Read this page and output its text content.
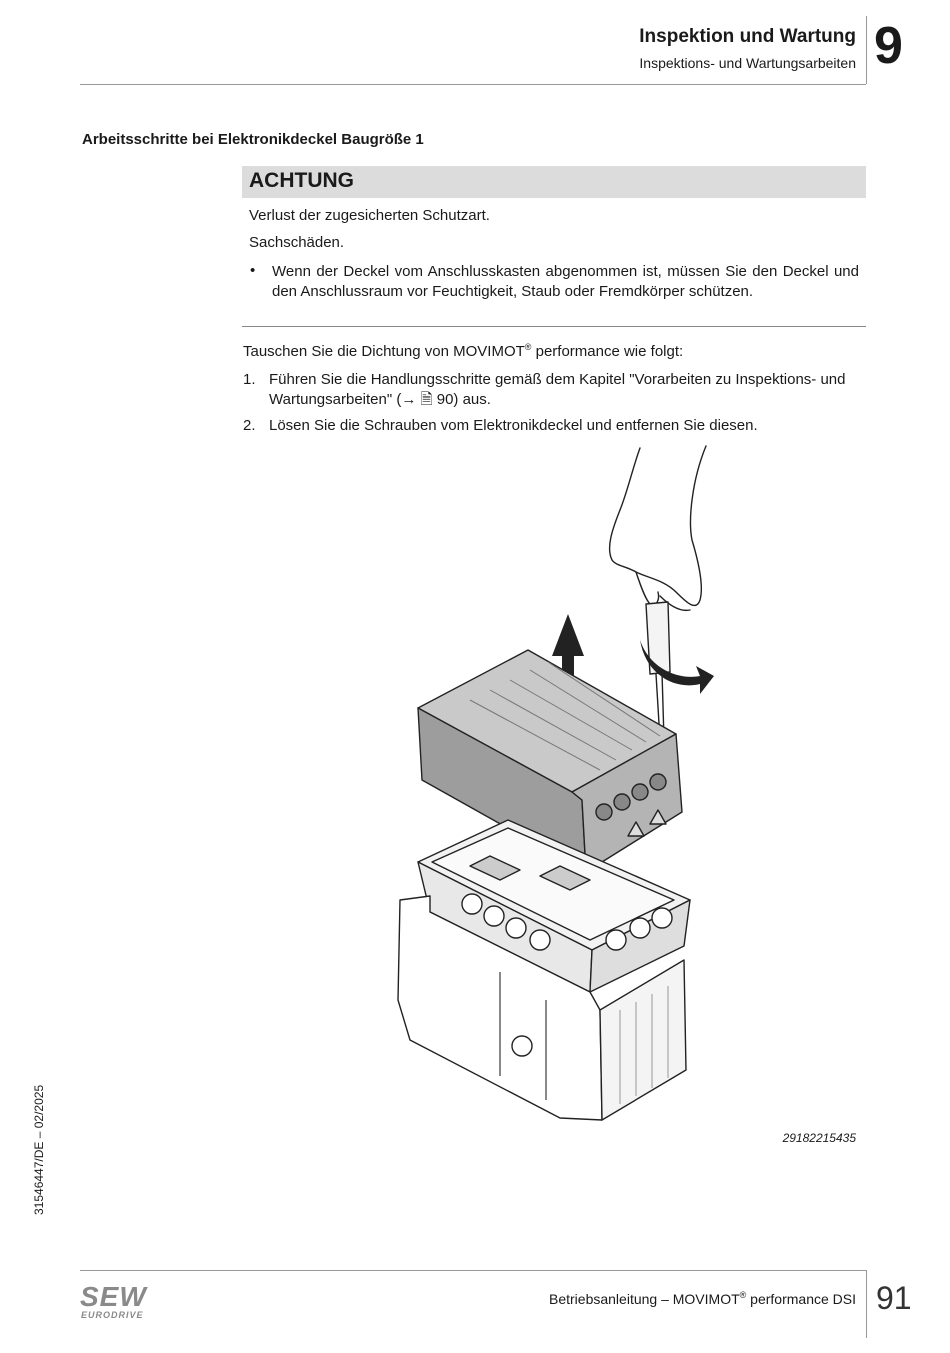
Inspektion und Wartung
Inspektions- und Wartungsarbeiten 9
Arbeitsschritte bei Elektronikdeckel Baugröße 1
ACHTUNG
Verlust der zugesicherten Schutzart.
Sachschäden.
• Wenn der Deckel vom Anschlusskasten abgenommen ist, müssen Sie den Deckel und den Anschlussraum vor Feuchtigkeit, Staub oder Fremdkörper schützen.
Tauschen Sie die Dichtung von MOVIMOT® performance wie folgt:
1. Führen Sie die Handlungsschritte gemäß dem Kapitel "Vorarbeiten zu Inspektions- und Wartungsarbeiten" (→ 🗎 90) aus.
2. Lösen Sie die Schrauben vom Elektronikdeckel und entfernen Sie diesen.
29182215435
31546447/DE – 02/2025
SEW
EURODRIVE
Betriebsanleitung – MOVIMOT® performance DSI 91
